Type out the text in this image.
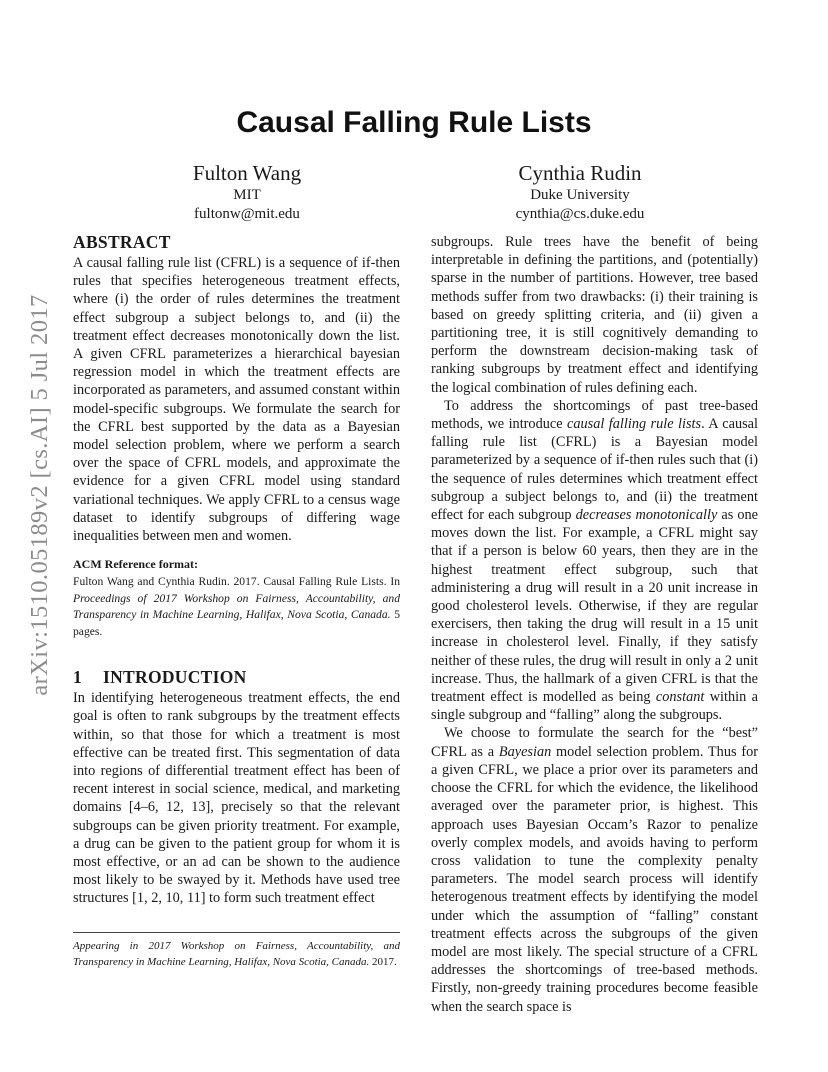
arXiv:1510.05189v2 [cs.AI] 5 Jul 2017
Causal Falling Rule Lists
Fulton Wang
MIT
fultonw@mit.edu
Cynthia Rudin
Duke University
cynthia@cs.duke.edu
ABSTRACT

A causal falling rule list (CFRL) is a sequence of if-then rules that specifies heterogeneous treatment effects, where (i) the order of rules determines the treatment effect subgroup a subject belongs to, and (ii) the treatment effect decreases monotonically down the list. A given CFRL parameterizes a hierarchical bayesian regression model in which the treatment effects are incorporated as parameters, and assumed constant within model-specific subgroups. We formulate the search for the CFRL best supported by the data as a Bayesian model selection problem, where we perform a search over the space of CFRL models, and approximate the evidence for a given CFRL model using standard variational techniques. We apply CFRL to a census wage dataset to identify subgroups of differing wage inequalities between men and women.

ACM Reference format:

Fulton Wang and Cynthia Rudin. 2017. Causal Falling Rule Lists. In Proceedings of 2017 Workshop on Fairness, Accountability, and Transparency in Machine Learning, Halifax, Nova Scotia, Canada. 5 pages.

1 INTRODUCTION

In identifying heterogeneous treatment effects, the end goal is often to rank subgroups by the treatment effects within, so that those for which a treatment is most effective can be treated first. This segmentation of data into regions of differential treatment effect has been of recent interest in social science, medical, and marketing domains [4–6, 12, 13], precisely so that the relevant subgroups can be given priority treatment. For example, a drug can be given to the patient group for whom it is most effective, or an ad can be shown to the audience most likely to be swayed by it. Methods have used tree structures [1, 2, 10, 11] to form such treatment effect

subgroups. Rule trees have the benefit of being interpretable in defining the partitions, and (potentially) sparse in the number of partitions. However, tree based methods suffer from two drawbacks: (i) their training is based on greedy splitting criteria, and (ii) given a partitioning tree, it is still cognitively demanding to perform the downstream decision-making task of ranking subgroups by treatment effect and identifying the logical combination of rules defining each.

To address the shortcomings of past tree-based methods, we introduce causal falling rule lists. A causal falling rule list (CFRL) is a Bayesian model parameterized by a sequence of if-then rules such that (i) the sequence of rules determines which treatment effect subgroup a subject belongs to, and (ii) the treatment effect for each subgroup decreases monotonically as one moves down the list. For example, a CFRL might say that if a person is below 60 years, then they are in the highest treatment effect subgroup, such that administering a drug will result in a 20 unit increase in good cholesterol levels. Otherwise, if they are regular exercisers, then taking the drug will result in a 15 unit increase in cholesterol level. Finally, if they satisfy neither of these rules, the drug will result in only a 2 unit increase. Thus, the hallmark of a given CFRL is that the treatment effect is modelled as being constant within a single subgroup and “falling” along the subgroups.

We choose to formulate the search for the “best” CFRL as a Bayesian model selection problem. Thus for a given CFRL, we place a prior over its parameters and choose the CFRL for which the evidence, the likelihood averaged over the parameter prior, is highest. This approach uses Bayesian Occam’s Razor to penalize overly complex models, and avoids having to perform cross validation to tune the complexity penalty parameters. The model search process will identify heterogenous treatment effects by identifying the model under which the assumption of “falling” constant treatment effects across the subgroups of the given model are most likely. The special structure of a CFRL addresses the shortcomings of tree-based methods. Firstly, non-greedy training procedures become feasible when the search space is

Appearing in 2017 Workshop on Fairness, Accountability, and Transparency in Machine Learning, Halifax, Nova Scotia, Canada. 2017.
